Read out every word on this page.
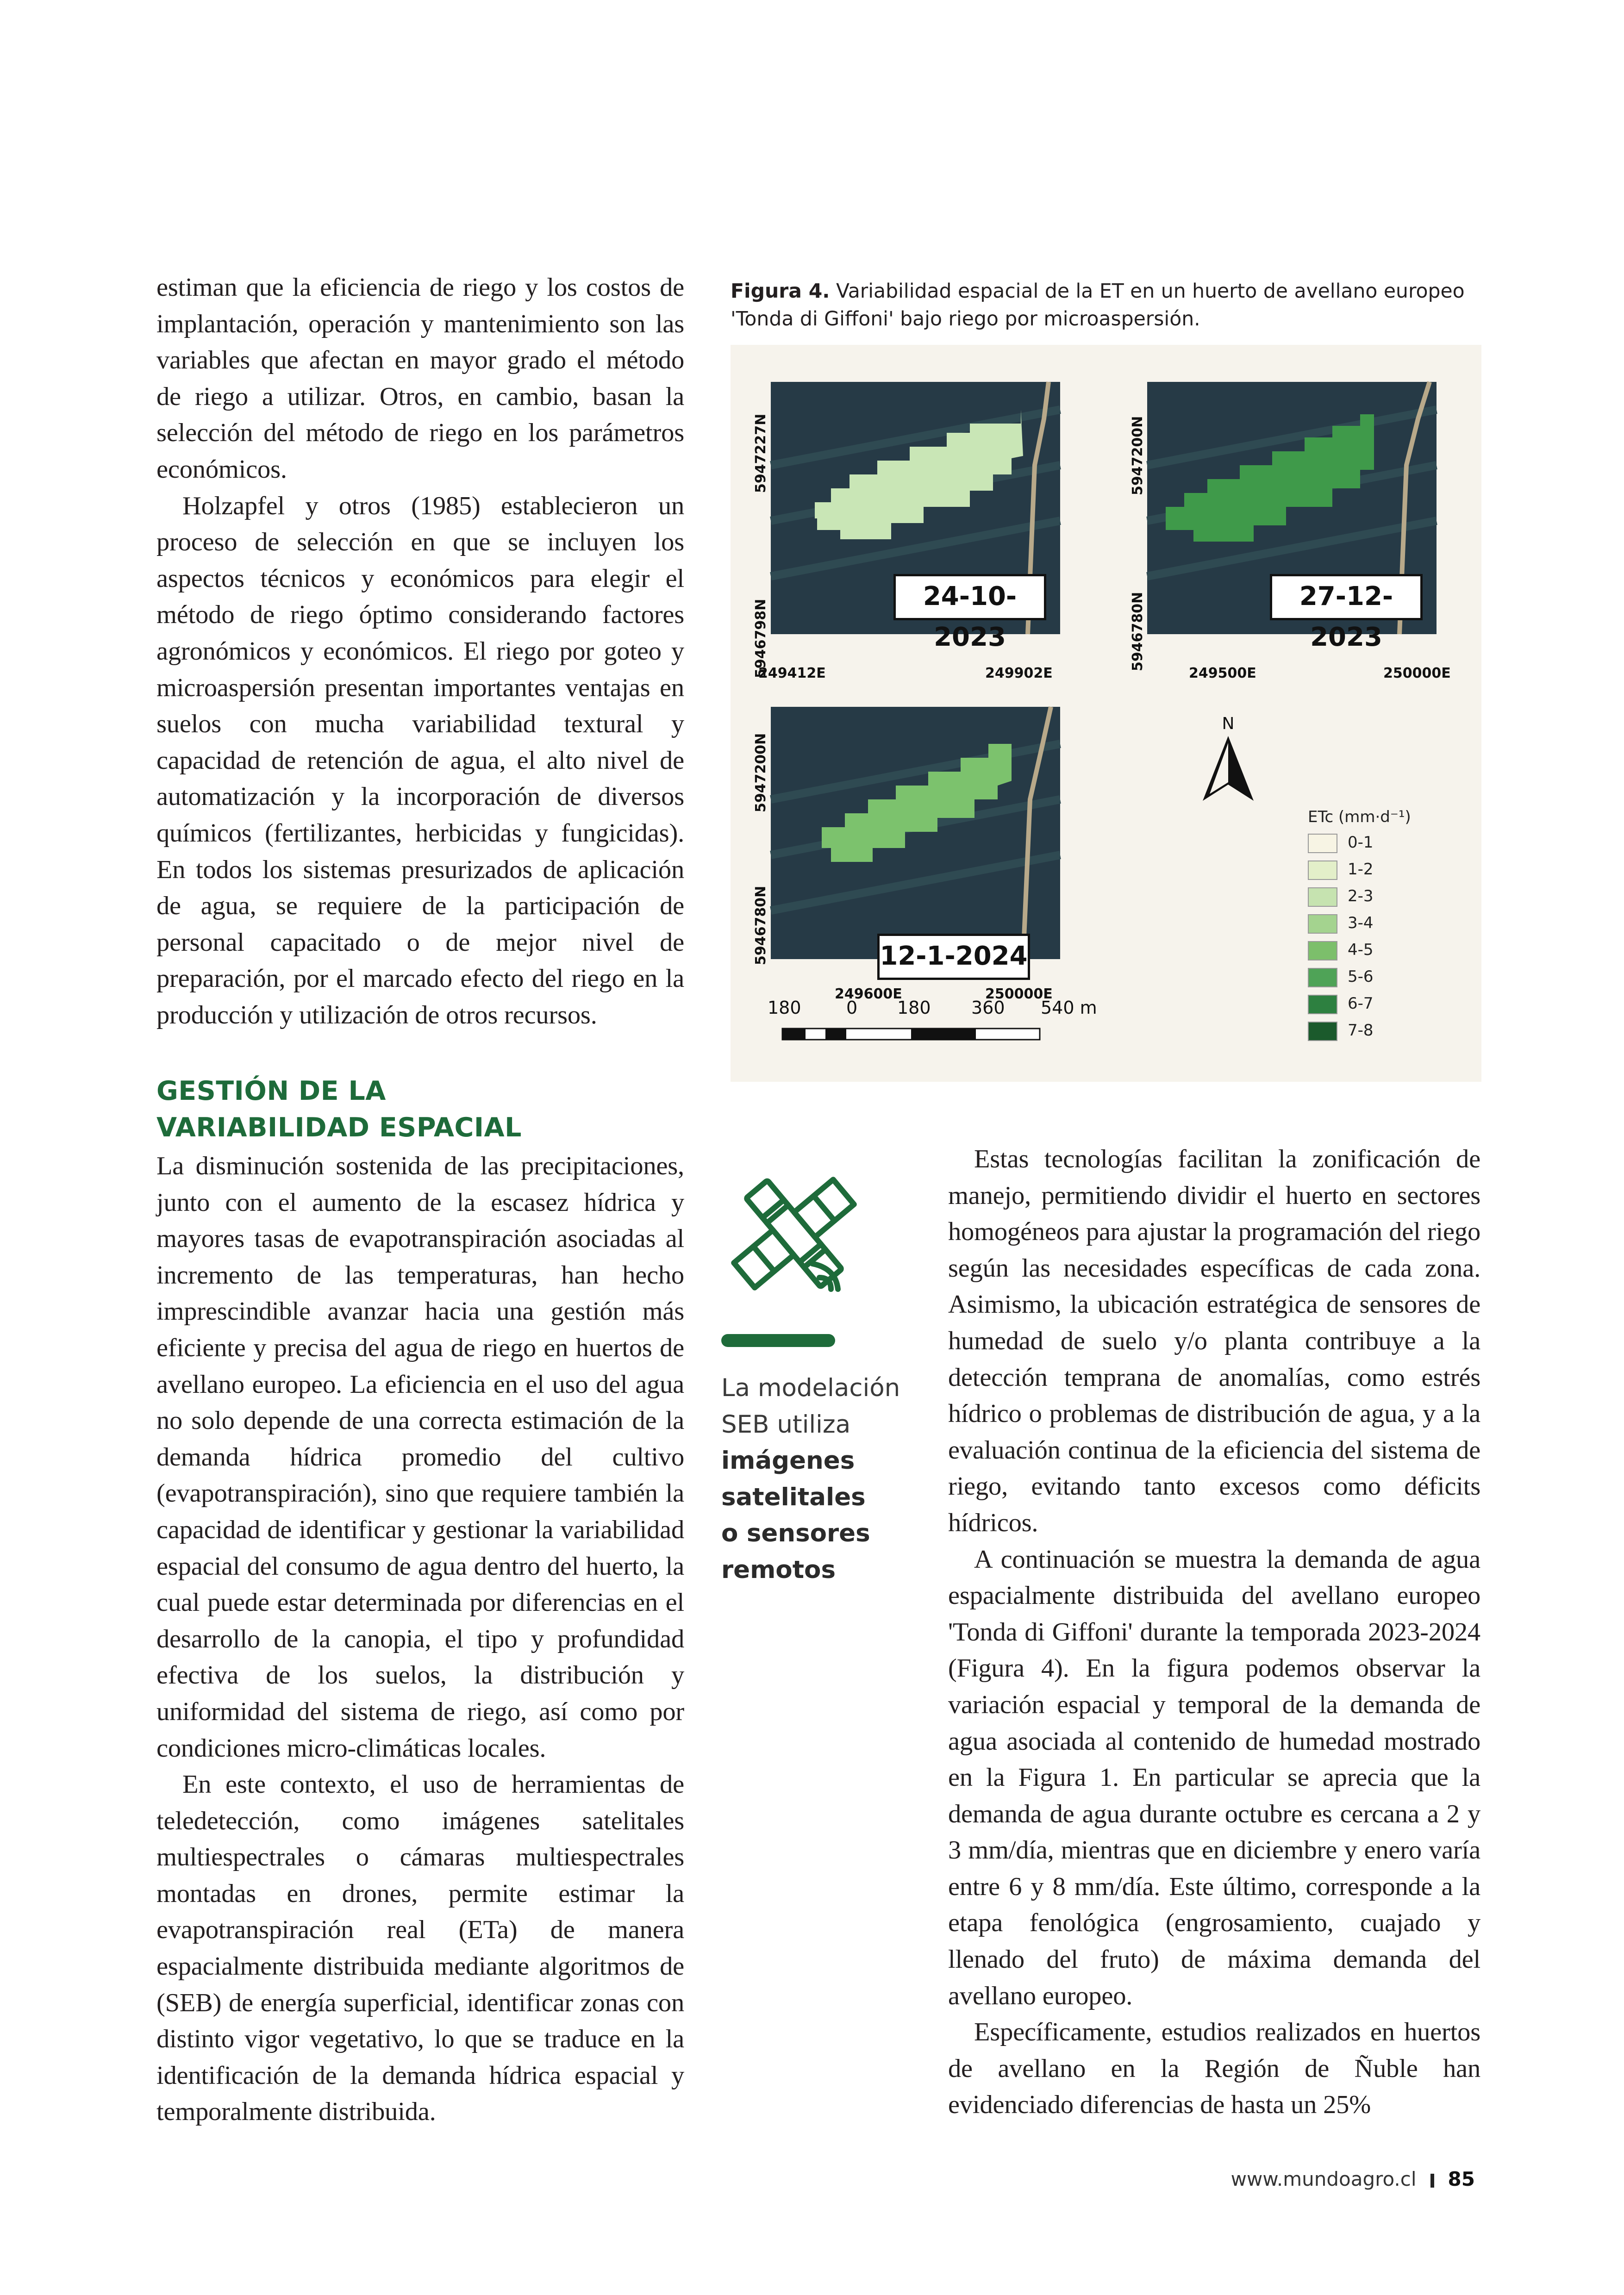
estiman que la eficiencia de riego y los costos de implantación, operación y mantenimiento son las variables que afectan en mayor grado el método de riego a utilizar. Otros, en cambio, basan la selección del método de riego en los parámetros económicos.

Holzapfel y otros (1985) establecieron un proceso de selección en que se incluyen los aspectos técnicos y económicos para elegir el método de riego óptimo considerando factores agronómicos y económicos. El riego por goteo y microaspersión presentan importantes ventajas en suelos con mucha variabilidad textural y capacidad de retención de agua, el alto nivel de automatización y la incorporación de diversos químicos (fertilizantes, herbicidas y fungicidas). En todos los sistemas presurizados de aplicación de agua, se requiere de la participación de personal capacitado o de mejor nivel de preparación, por el marcado efecto del riego en la producción y utilización de otros recursos.

GESTIÓN DE LA
VARIABILIDAD ESPACIAL

La disminución sostenida de las precipitaciones, junto con el aumento de la escasez hídrica y mayores tasas de evapotranspiración asociadas al incremento de las temperaturas, han hecho imprescindible avanzar hacia una gestión más eficiente y precisa del agua de riego en huertos de avellano europeo. La eficiencia en el uso del agua no solo depende de una correcta estimación de la demanda hídrica promedio del cultivo (evapotranspiración), sino que requiere también la capacidad de identificar y gestionar la variabilidad espacial del consumo de agua dentro del huerto, la cual puede estar determinada por diferencias en el desarrollo de la canopia, el tipo y profundidad efectiva de los suelos, la distribución y uniformidad del sistema de riego, así como por condiciones micro-climáticas locales.

En este contexto, el uso de herramientas de teledetección, como imágenes satelitales multiespectrales o cámaras multiespectrales montadas en drones, permite estimar la evapotranspiración real (ETa) de manera espacialmente distribuida mediante algoritmos de (SEB) de energía superficial, identificar zonas con distinto vigor vegetativo, lo que se traduce en la identificación de la demanda hídrica espacial y temporalmente distribuida.

Figura 4. Variabilidad espacial de la ET en un huerto de avellano europeo 'Tonda di Giffoni' bajo riego por microaspersión.

24-10-2023
5947227N
5946798N
249412E	249902E
27-12-2023
5947200N
5946780N
249500E	250000E
12-1-2024
5947200N
5946780N
249600E	250000E
N
ETc (mm·d⁻¹)
0-1
1-2
2-3
3-4
4-5
5-6
6-7
7-8
180	0 180 360 540 m
La modelación
SEB utiliza
imágenes
satelitales
o sensores
remotos

Estas tecnologías facilitan la zonificación de manejo, permitiendo dividir el huerto en sectores homogéneos para ajustar la programación del riego según las necesidades específicas de cada zona. Asimismo, la ubicación estratégica de sensores de humedad de suelo y/o planta contribuye a la detección temprana de anomalías, como estrés hídrico o problemas de distribución de agua, y a la evaluación continua de la eficiencia del sistema de riego, evitando tanto excesos como déficits hídricos.

A continuación se muestra la demanda de agua espacialmente distribuida del avellano europeo 'Tonda di Giffoni' durante la temporada 2023-2024 (Figura 4). En la figura podemos observar la variación espacial y temporal de la demanda de agua asociada al contenido de humedad mostrado en la Figura 1. En particular se aprecia que la demanda de agua durante octubre es cercana a 2 y 3 mm/día, mientras que en diciembre y enero varía entre 6 y 8 mm/día. Este último, corresponde a la etapa fenológica (engrosamiento, cuajado y llenado del fruto) de máxima demanda del avellano europeo.

Específicamente, estudios realizados en huertos de avellano en la Región de Ñuble han evidenciado diferencias de hasta un 25%

www.mundoagro.cl 85
